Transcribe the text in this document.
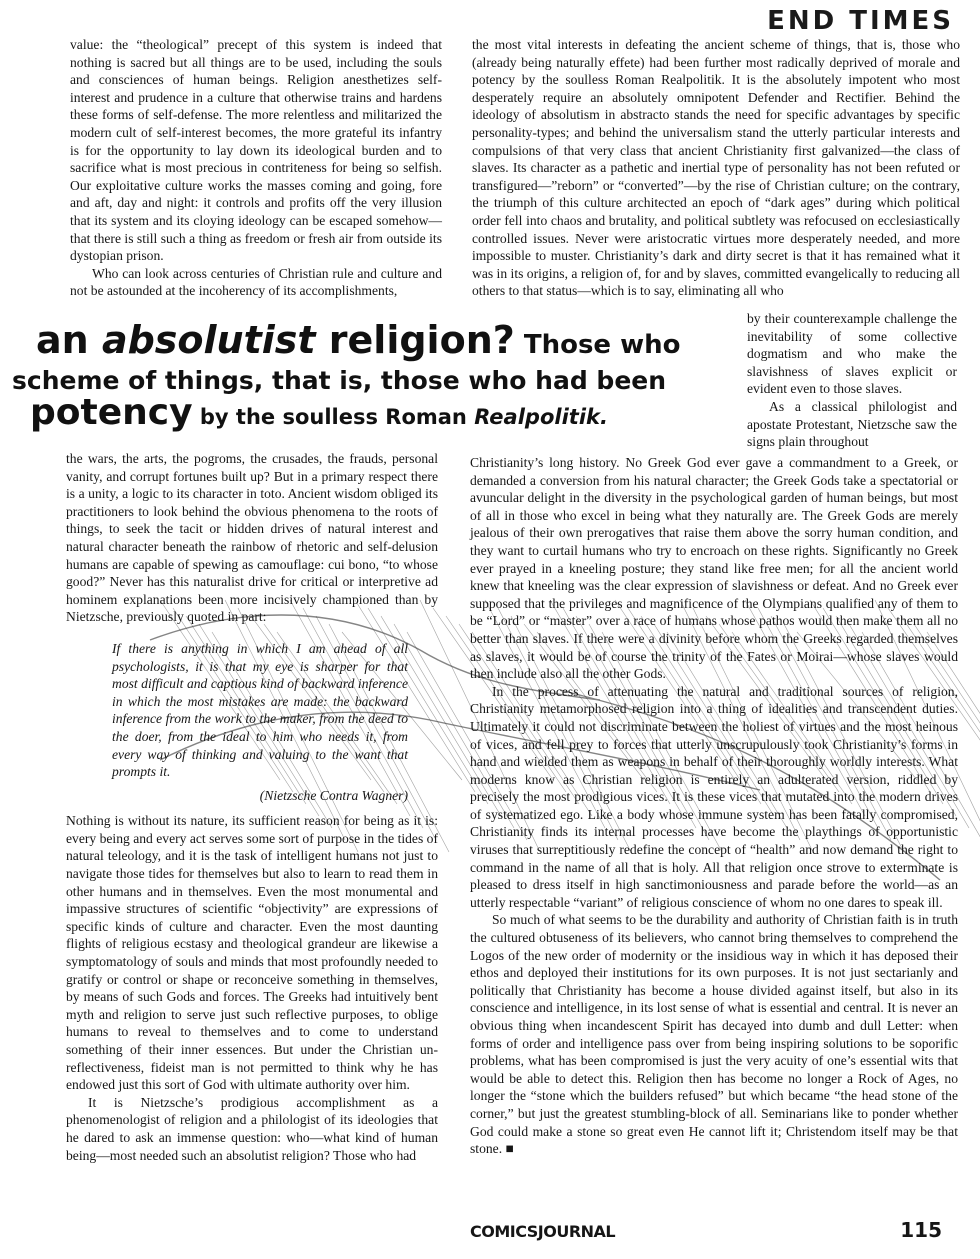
END TIMES

value: the “theological” precept of this system is indeed that nothing is sacred but all things are to be used, including the souls and consciences of human beings. Religion anesthetizes self-interest and prudence in a culture that otherwise trains and hardens these forms of self-defense. The more relentless and militarized the modern cult of self-interest becomes, the more grateful its infantry is for the opportunity to lay down its ideological burden and to sacrifice what is most precious in contriteness for being so selfish. Our exploitative culture works the masses coming and going, fore and aft, day and night: it controls and profits off the very illusion that its system and its cloying ideology can be escaped somehow—that there is still such a thing as freedom or fresh air from outside its dystopian prison.

Who can look across centuries of Christian rule and culture and not be astounded at the incoherency of its accomplishments,

the most vital interests in defeating the ancient scheme of things, that is, those who (already being naturally effete) had been further most radically deprived of morale and potency by the soulless Roman Realpolitik. It is the absolutely impotent who most desperately require an absolutely omnipotent Defender and Rectifier. Behind the ideology of absolutism in abstracto stands the need for specific advantages by specific personality-types; and behind the universalism stand the utterly particular interests and compulsions of that very class that ancient Christianity first galvanized—the class of slaves. Its character as a pathetic and inertial type of personality has not been refuted or transfigured—”reborn” or “converted”—by the rise of Christian culture; on the contrary, the triumph of this culture architected an epoch of “dark ages” during which political order fell into chaos and brutality, and political subtlety was refocused on ecclesiastically controlled issues. Never were aristocratic virtues more desperately needed, and more impossible to muster. Christianity’s dark and dirty secret is that it has remained what it was in its origins, a religion of, for and by slaves, committed evangelically to reducing all others to that status—which is to say, eliminating all who

by their counterexample challenge the inevitability of some collective dogmatism and who make the slavishness of slaves explicit or evident even to those slaves.

As a classical philologist and apostate Protestant, Nietzsche saw the signs plain throughout

an absolutist religion? Those who
scheme of things, that is, those who had been
potency by the soulless Roman Realpolitik.

the wars, the arts, the pogroms, the crusades, the frauds, personal vanity, and corrupt fortunes built up? But in a primary respect there is a unity, a logic to its character in toto. Ancient wisdom obliged its practitioners to look behind the obvious phenomena to the roots of things, to seek the tacit or hidden drives of natural interest and natural character beneath the rainbow of rhetoric and self-delusion humans are capable of spewing as camouflage: cui bono, “to whose good?” Never has this naturalist drive for critical or interpretive ad hominem explanations been more incisively championed than by Nietzsche, previously quoted in part:

If there is anything in which I am ahead of all psychologists, it is that my eye is sharper for that most difficult and captious kind of backward inference in which the most mistakes are made: the backward inference from the work to the maker, from the deed to the doer, from the ideal to him who needs it, from every way of thinking and valuing to the want that prompts it.
(Nietzsche Contra Wagner)

Nothing is without its nature, its sufficient reason for being as it is: every being and every act serves some sort of purpose in the tides of natural teleology, and it is the task of intelligent humans not just to navigate those tides for themselves but also to learn to read them in other humans and in themselves. Even the most monumental and impassive structures of scientific “objectivity” are expressions of specific kinds of culture and character. Even the most daunting flights of religious ecstasy and theological grandeur are likewise a symptomatology of souls and minds that most profoundly needed to gratify or control or shape or reconceive something in themselves, by means of such Gods and forces. The Greeks had intuitively bent myth and religion to serve just such reflective purposes, to oblige humans to reveal to themselves and to come to understand something of their inner essences. But under the Christian un-reflectiveness, fideist man is not permitted to think why he has endowed just this sort of God with ultimate authority over him.

It is Nietzsche’s prodigious accomplishment as a phenomenologist of religion and a philologist of its ideologies that he dared to ask an immense question: who—what kind of human being—most needed such an absolutist religion? Those who had

Christianity’s long history. No Greek God ever gave a commandment to a Greek, or demanded a conversion from his natural character; the Greek Gods take a spectatorial or avuncular delight in the diversity in the psychological garden of human beings, but most of all in those who excel in being what they naturally are. The Greek Gods are merely jealous of their own prerogatives that raise them above the sorry human condition, and they want to curtail humans who try to encroach on these rights. Significantly no Greek ever prayed in a kneeling posture; they stand like free men; for all the ancient world knew that kneeling was the clear expression of slavishness or defeat. And no Greek ever supposed that the privileges and magnificence of the Olympians qualified any of them to be “Lord” or “master” over a race of humans whose pathos would then make them all no better than slaves. If there were a divinity before whom the Greeks regarded themselves as slaves, it would be of course the trinity of the Fates or Moirai—whose slaves would then include also all the other Gods.

In the process of attenuating the natural and traditional sources of religion, Christianity metamorphosed religion into a thing of idealities and transcendent duties. Ultimately it could not discriminate between the holiest of virtues and the most heinous of vices, and fell prey to forces that utterly unscrupulously took Christianity’s forms in hand and wielded them as weapons in behalf of their thoroughly worldly interests. What moderns know as Christian religion is entirely an adulterated version, riddled by precisely the most prodigious vices. It is these vices that mutated into the modern drives of systematized ego. Like a body whose immune system has been fatally compromised, Christianity finds its internal processes have become the playthings of opportunistic viruses that surreptitiously redefine the concept of “health” and now demand the right to command in the name of all that is holy. All that religion once strove to exterminate is pleased to dress itself in high sanctimoniousness and parade before the world—as an utterly respectable “variant” of religious conscience of whom no one dares to speak ill.

So much of what seems to be the durability and authority of Christian faith is in truth the cultured obtuseness of its believers, who cannot bring themselves to comprehend the Logos of the new order of modernity or the insidious way in which it has deposed their ethos and deployed their institutions for its own purposes. It is not just sectarianly and politically that Christianity has become a house divided against itself, but also in its conscience and intelligence, in its lost sense of what is essential and central. It is never an obvious thing when incandescent Spirit has decayed into dumb and dull Letter: when forms of order and intelligence pass over from being inspiring solutions to be soporific problems, what has been compromised is just the very acuity of one’s essential wits that would be able to detect this. Religion then has become no longer a Rock of Ages, no longer the “stone which the builders refused” but which became “the head stone of the corner,” but just the greatest stumbling-block of all. Seminarians like to ponder whether God could make a stone so great even He cannot lift it; Christendom itself may be that stone. ■

COMICSJOURNAL	115
